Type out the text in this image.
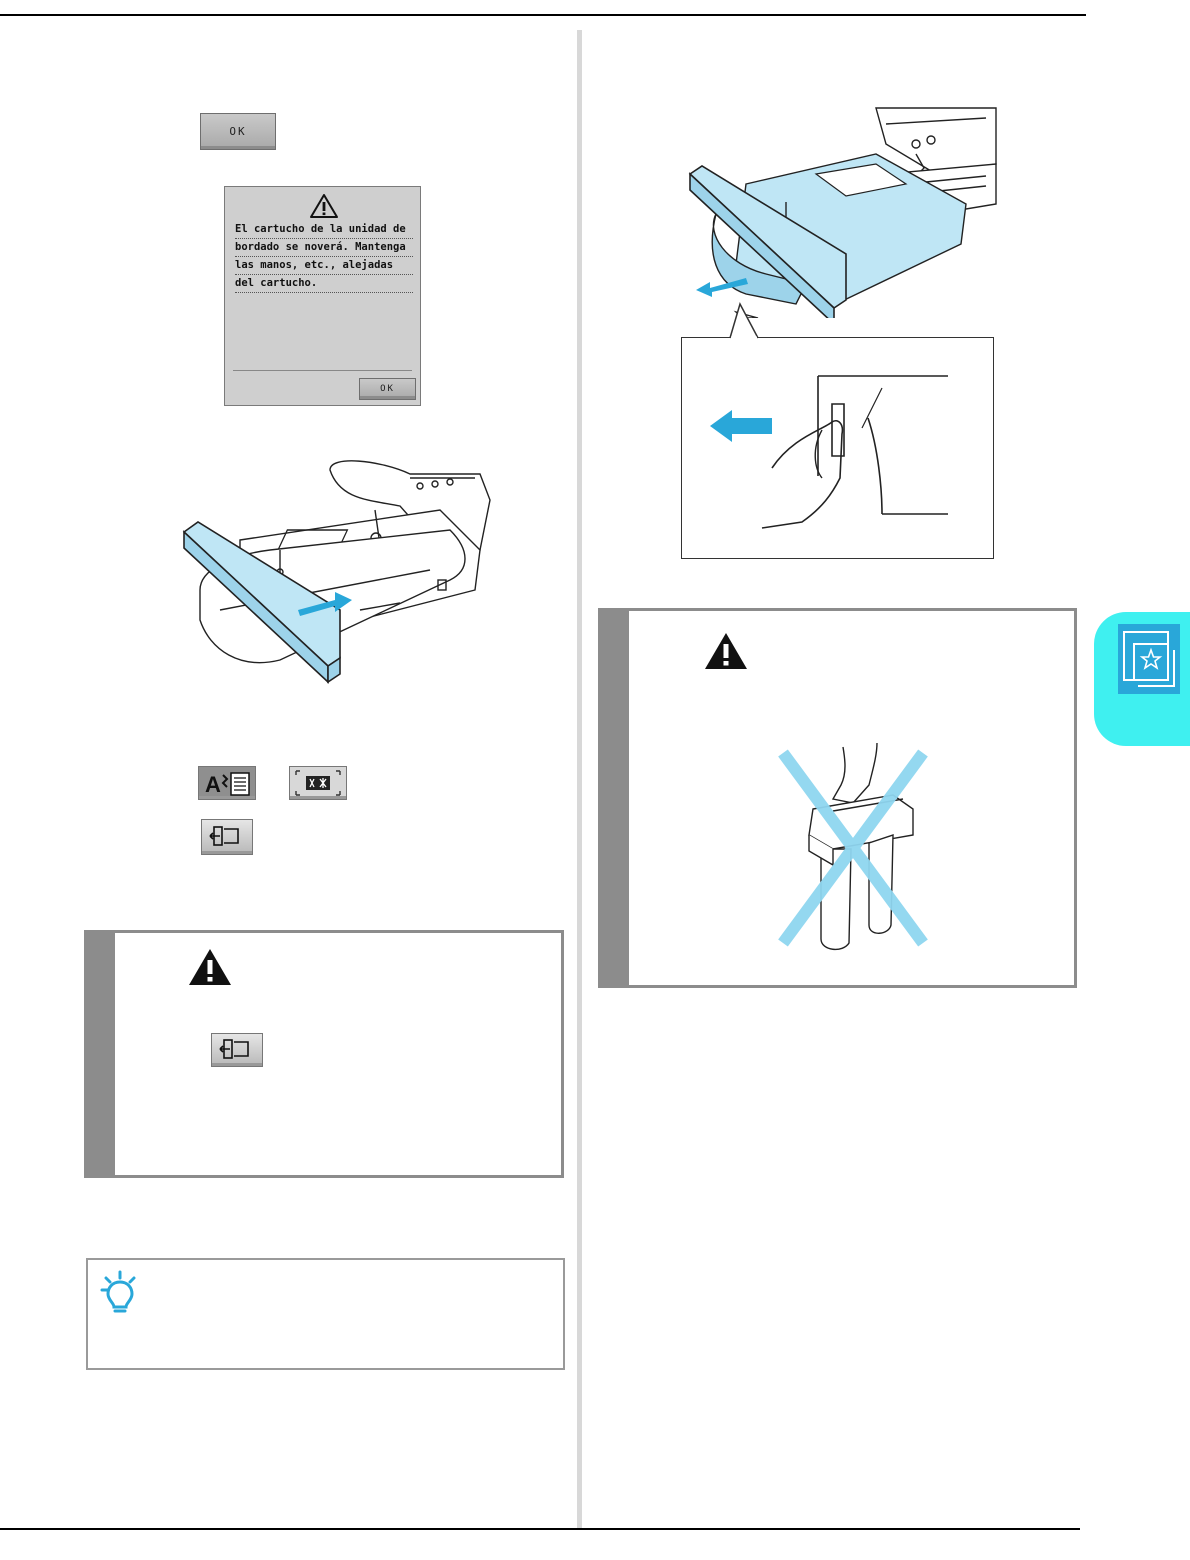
OK
El cartucho de la unidad de
bordado se noverá. Mantenga
las manos, etc., alejadas
del cartucho.
OK
A
